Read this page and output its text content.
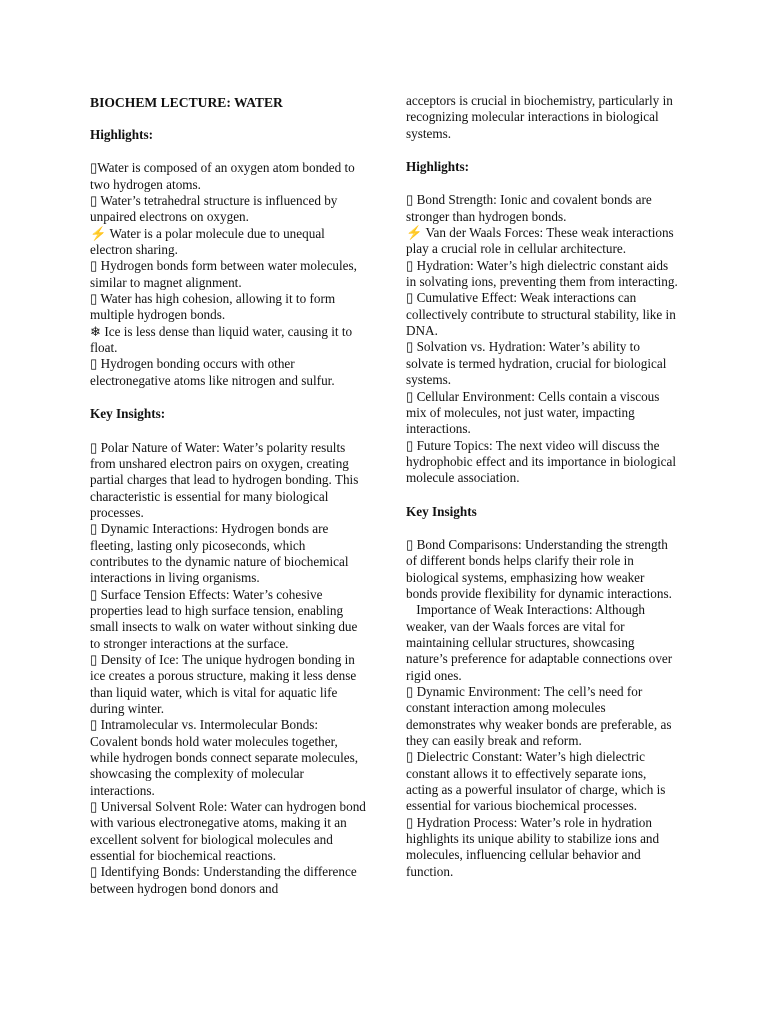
BIOCHEM LECTURE: WATER
Highlights:
▯Water is composed of an oxygen atom bonded to two hydrogen atoms.
▯ Water’s tetrahedral structure is influenced by unpaired electrons on oxygen.
⚡ Water is a polar molecule due to unequal electron sharing.
▯ Hydrogen bonds form between water molecules, similar to magnet alignment.
▯ Water has high cohesion, allowing it to form multiple hydrogen bonds.
❄ Ice is less dense than liquid water, causing it to float.
▯ Hydrogen bonding occurs with other electronegative atoms like nitrogen and sulfur.
Key Insights:
▯ Polar Nature of Water: Water’s polarity results from unshared electron pairs on oxygen, creating partial charges that lead to hydrogen bonding. This characteristic is essential for many biological processes.
▯ Dynamic Interactions: Hydrogen bonds are fleeting, lasting only picoseconds, which contributes to the dynamic nature of biochemical interactions in living organisms.
▯ Surface Tension Effects: Water’s cohesive properties lead to high surface tension, enabling small insects to walk on water without sinking due to stronger interactions at the surface.
▯ Density of Ice: The unique hydrogen bonding in ice creates a porous structure, making it less dense than liquid water, which is vital for aquatic life during winter.
▯ Intramolecular vs. Intermolecular Bonds: Covalent bonds hold water molecules together, while hydrogen bonds connect separate molecules, showcasing the complexity of molecular interactions.
▯ Universal Solvent Role: Water can hydrogen bond with various electronegative atoms, making it an excellent solvent for biological molecules and essential for biochemical reactions.
▯ Identifying Bonds: Understanding the difference between hydrogen bond donors and
acceptors is crucial in biochemistry, particularly in recognizing molecular interactions in biological systems.
Highlights:
▯ Bond Strength: Ionic and covalent bonds are stronger than hydrogen bonds.
⚡ Van der Waals Forces: These weak interactions play a crucial role in cellular architecture.
▯ Hydration: Water’s high dielectric constant aids in solvating ions, preventing them from interacting.
▯ Cumulative Effect: Weak interactions can collectively contribute to structural stability, like in DNA.
▯ Solvation vs. Hydration: Water’s ability to solvate is termed hydration, crucial for biological systems.
▯ Cellular Environment: Cells contain a viscous mix of molecules, not just water, impacting interactions.
▯ Future Topics: The next video will discuss the hydrophobic effect and its importance in biological molecule association.
Key Insights
▯ Bond Comparisons: Understanding the strength of different bonds helps clarify their role in biological systems, emphasizing how weaker bonds provide flexibility for dynamic interactions.
Importance of Weak Interactions: Although weaker, van der Waals forces are vital for maintaining cellular structures, showcasing nature’s preference for adaptable connections over rigid ones.
▯ Dynamic Environment: The cell’s need for constant interaction among molecules demonstrates why weaker bonds are preferable, as they can easily break and reform.
▯ Dielectric Constant: Water’s high dielectric constant allows it to effectively separate ions, acting as a powerful insulator of charge, which is essential for various biochemical processes.
▯ Hydration Process: Water’s role in hydration highlights its unique ability to stabilize ions and molecules, influencing cellular behavior and function.
